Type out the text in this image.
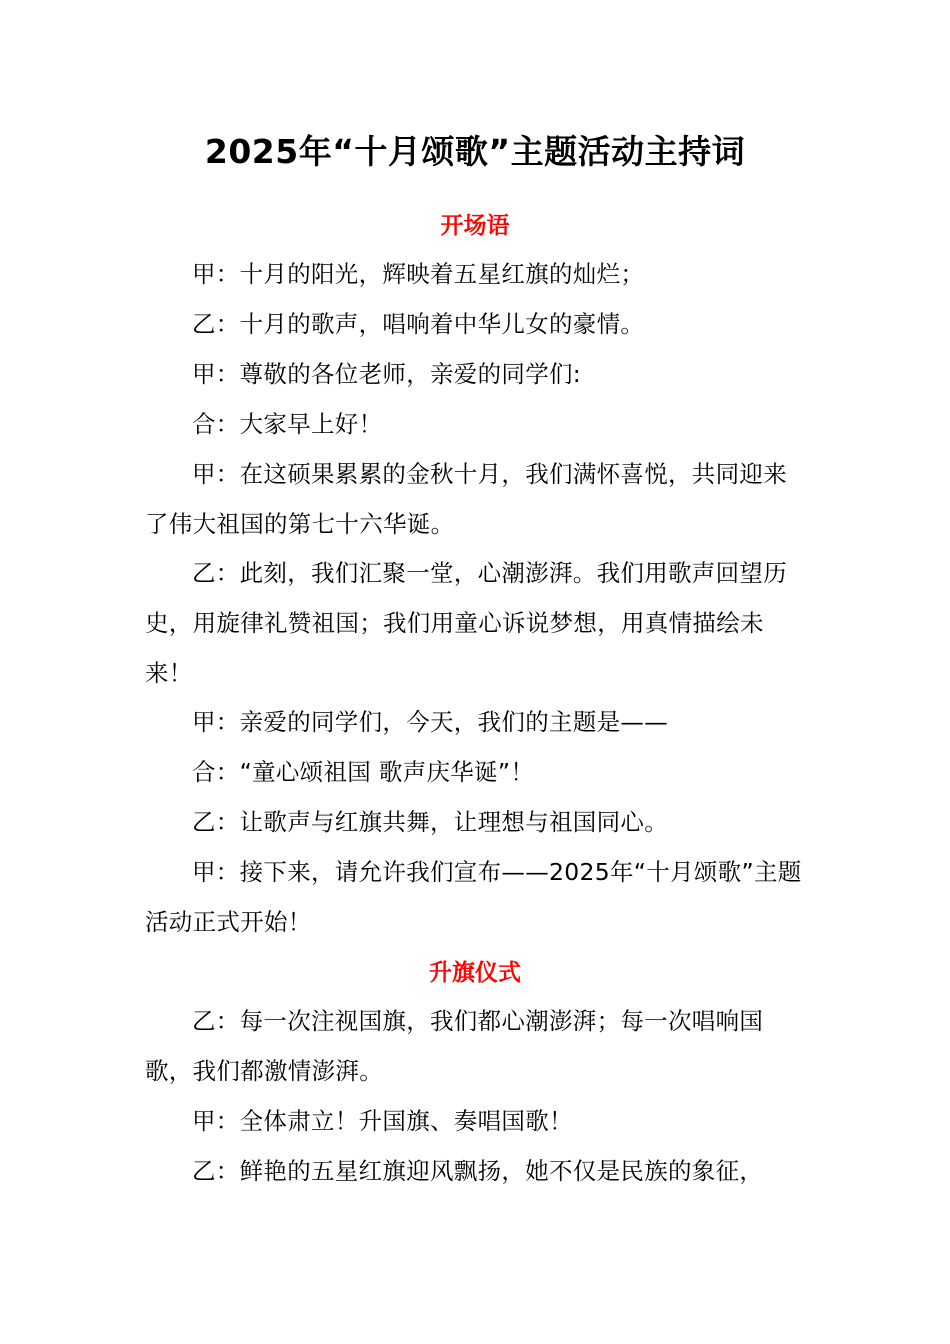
2025年“十月颂歌”主题活动主持词
开场语
甲：十月的阳光，辉映着五星红旗的灿烂；
乙：十月的歌声，唱响着中华儿女的豪情。
甲：尊敬的各位老师，亲爱的同学们:
合：大家早上好！
甲：在这硕果累累的金秋十月，我们满怀喜悦，共同迎来了伟大祖国的第七十六华诞。
乙：此刻，我们汇聚一堂，心潮澎湃。我们用歌声回望历史，用旋律礼赞祖国；我们用童心诉说梦想，用真情描绘未来！
甲：亲爱的同学们，今天，我们的主题是——
合：“童心颂祖国 歌声庆华诞”！
乙：让歌声与红旗共舞，让理想与祖国同心。
甲：接下来，请允许我们宣布——2025年“十月颂歌”主题活动正式开始！
升旗仪式
乙：每一次注视国旗，我们都心潮澎湃；每一次唱响国歌，我们都激情澎湃。
甲：全体肃立！升国旗、奏唱国歌！
乙：鲜艳的五星红旗迎风飘扬，她不仅是民族的象征，
